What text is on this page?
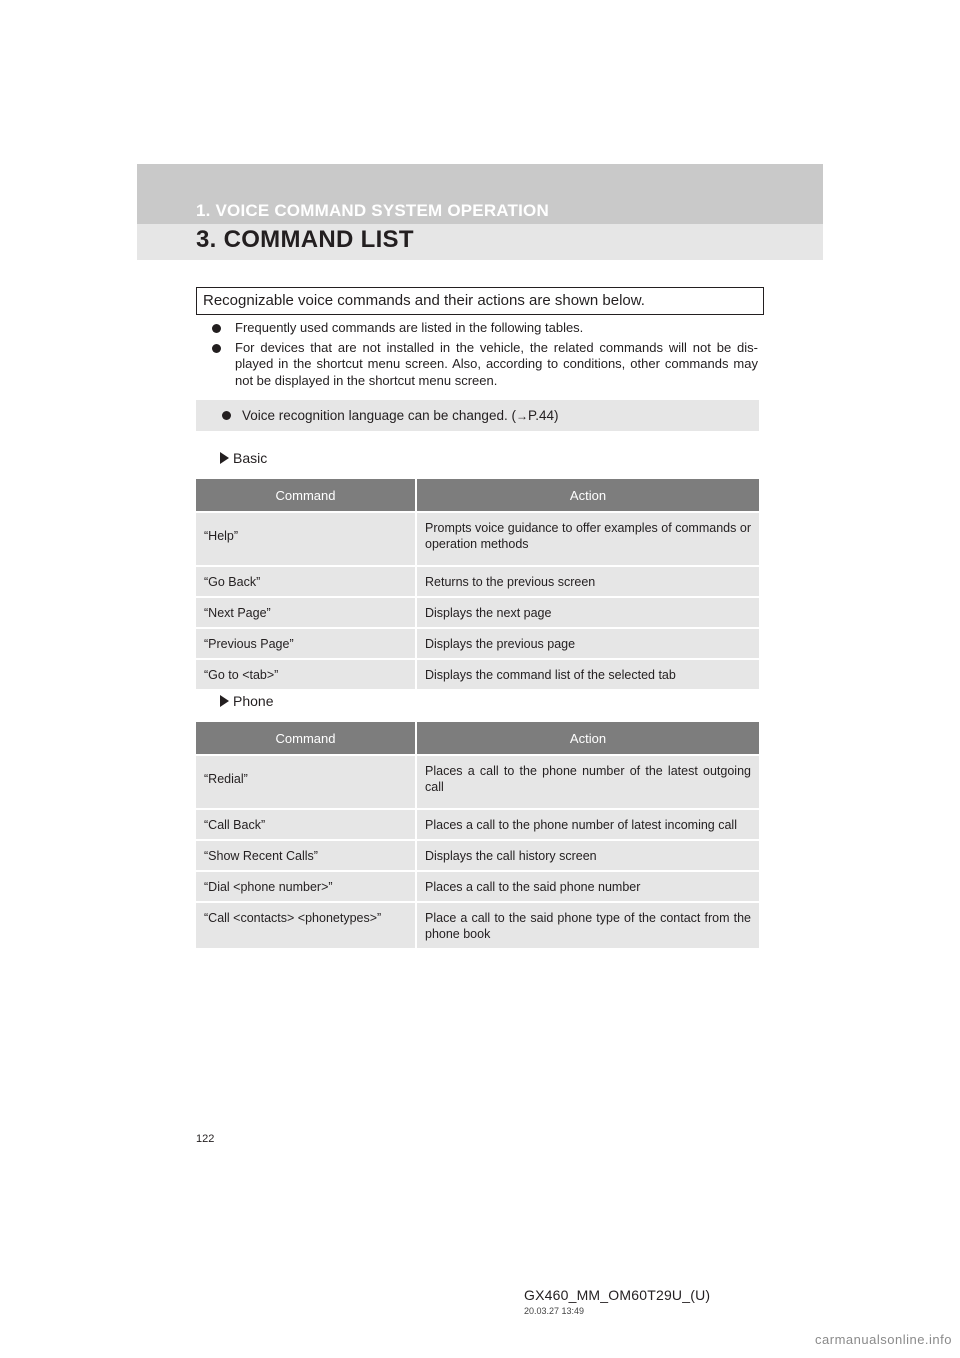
1. VOICE COMMAND SYSTEM OPERATION
3. COMMAND LIST
Recognizable voice commands and their actions are shown below.
Frequently used commands are listed in the following tables.
For devices that are not installed in the vehicle, the related commands will not be dis-played in the shortcut menu screen. Also, according to conditions, other commands may not be displayed in the shortcut menu screen.
Voice recognition language can be changed. (→P.44)
Basic
Command	Action
“Help”	Prompts voice guidance to offer examples of commands or operation methods
“Go Back”	Returns to the previous screen
“Next Page”	Displays the next page
“Previous Page”	Displays the previous page
“Go to <tab>”	Displays the command list of the selected tab
Phone
Command	Action
“Redial”	Places a call to the phone number of the latest outgoing call
“Call Back”	Places a call to the phone number of latest incoming call
“Show Recent Calls”	Displays the call history screen
“Dial <phone number>”	Places a call to the said phone number
“Call <contacts> <phonetypes>”	Place a call to the said phone type of the contact from the phone book
122
GX460_MM_OM60T29U_(U)
20.03.27 13:49
carmanualsonline.info
